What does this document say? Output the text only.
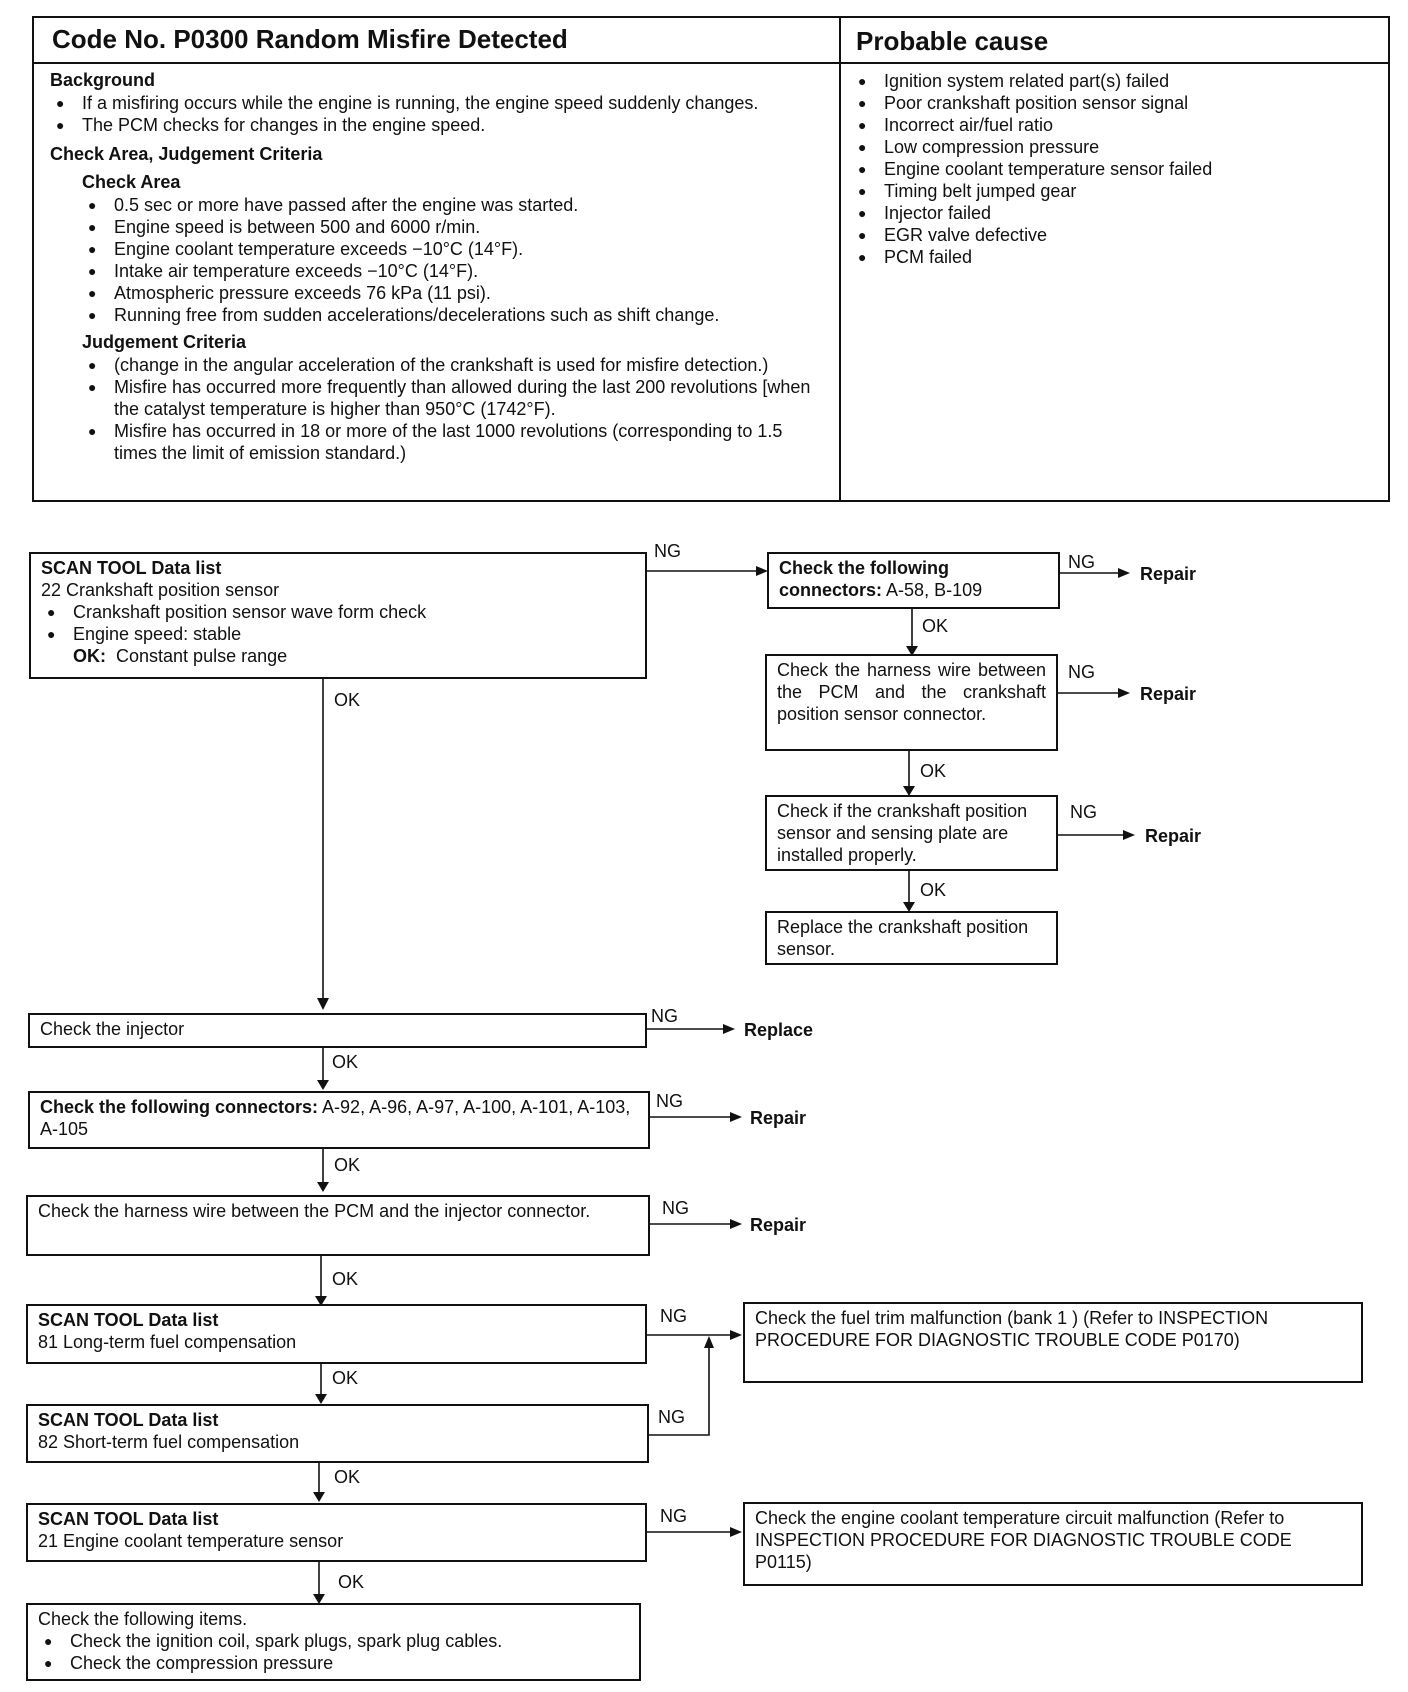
Code No. P0300 Random Misfire Detected	Probable cause
Background
● If a misfiring occurs while the engine is running, the engine speed suddenly changes.
● The PCM checks for changes in the engine speed.
Check Area, Judgement Criteria
Check Area
● 0.5 sec or more have passed after the engine was started.
● Engine speed is between 500 and 6000 r/min.
● Engine coolant temperature exceeds −10°C (14°F).
● Intake air temperature exceeds −10°C (14°F).
● Atmospheric pressure exceeds 76 kPa (11 psi).
● Running free from sudden accelerations/decelerations such as shift change.
Judgement Criteria
● (change in the angular acceleration of the crankshaft is used for misfire detection.)
● Misfire has occurred more frequently than allowed during the last 200 revolutions [when the catalyst temperature is higher than 950°C (1742°F).
● Misfire has occurred in 18 or more of the last 1000 revolutions (corresponding to 1.5 times the limit of emission standard.)
● Ignition system related part(s) failed
● Poor crankshaft position sensor signal
● Incorrect air/fuel ratio
● Low compression pressure
● Engine coolant temperature sensor failed
● Timing belt jumped gear
● Injector failed
● EGR valve defective
● PCM failed
SCAN TOOL Data list
22 Crankshaft position sensor
● Crankshaft position sensor wave form check
● Engine speed: stable
OK: Constant pulse range
Check the following connectors: A-58, B-109
Check the harness wire between the PCM and the crankshaft position sensor connector.
Check if the crankshaft position sensor and sensing plate are installed properly.
Replace the crankshaft position sensor.
Check the injector
Check the following connectors: A-92, A-96, A-97, A-100, A-101, A-103, A-105
Check the harness wire between the PCM and the injector connector.
SCAN TOOL Data list
81 Long-term fuel compensation
Check the fuel trim malfunction (bank 1 ) (Refer to INSPECTION PROCEDURE FOR DIAGNOSTIC TROUBLE CODE P0170)
SCAN TOOL Data list
82 Short-term fuel compensation
SCAN TOOL Data list
21 Engine coolant temperature sensor
Check the engine coolant temperature circuit malfunction (Refer to INSPECTION PROCEDURE FOR DIAGNOSTIC TROUBLE CODE P0115)
Check the following items.
● Check the ignition coil, spark plugs, spark plug cables.
● Check the compression pressure
NG
OK
NG
Repair
OK
NG
Repair
OK
NG
Repair
OK
NG
Replace
OK
NG
Repair
OK
NG
Repair
OK
NG
OK
NG
OK
NG
OK
